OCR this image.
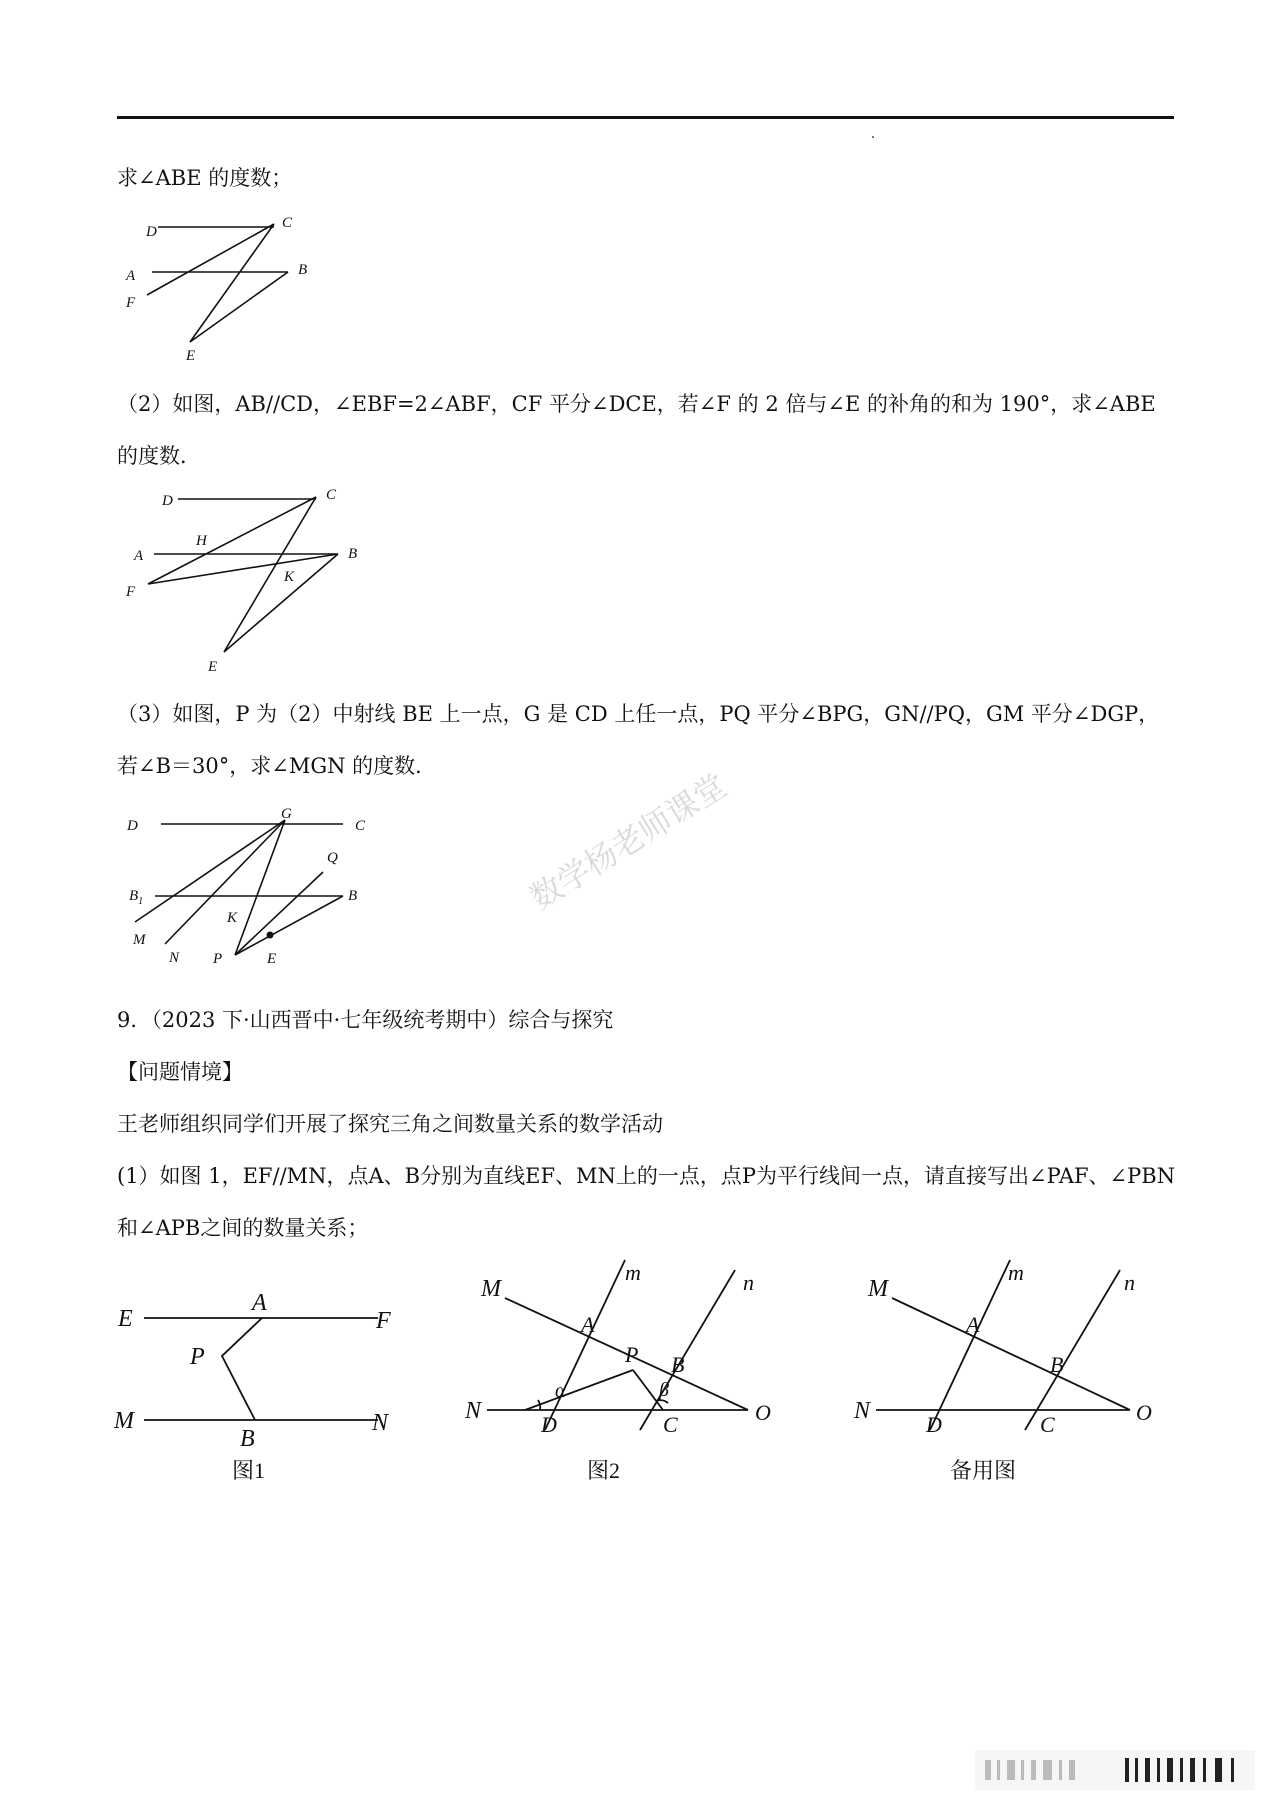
求∠ABE 的度数；
D
C
A	B
F
E
（2）如图，AB//CD，∠EBF=2∠ABF，CF 平分∠DCE，若∠F 的 2 倍与∠E 的补角的和为 190°，求∠ABE
的度数．
D	C
H
A	B
K
F
E
（3）如图，P 为（2）中射线 BE 上一点，G 是 CD 上任一点，PQ 平分∠BPG，GN//PQ，GM 平分∠DGP，
若∠B＝30°，求∠MGN 的度数．
D
G
C
Q
$B_1$	B
K
M
N P	E
数学杨老师课堂
9．（2023 下·山西晋中·七年级统考期中）综合与探究
【问题情境】
王老师组织同学们开展了探究三角之间数量关系的数学活动
(1）如图 1，EF//MN，点A、B分别为直线EF、MN上的一点，点P为平行线间一点，请直接写出∠PAF、∠PBN
和∠APB之间的数量关系；
E
A
F
P
M
B
N
图1
M
m	n
A
P B
α	β
N
D	C	O
图2
M
m	n
A
B
N
D	C	O
备用图
